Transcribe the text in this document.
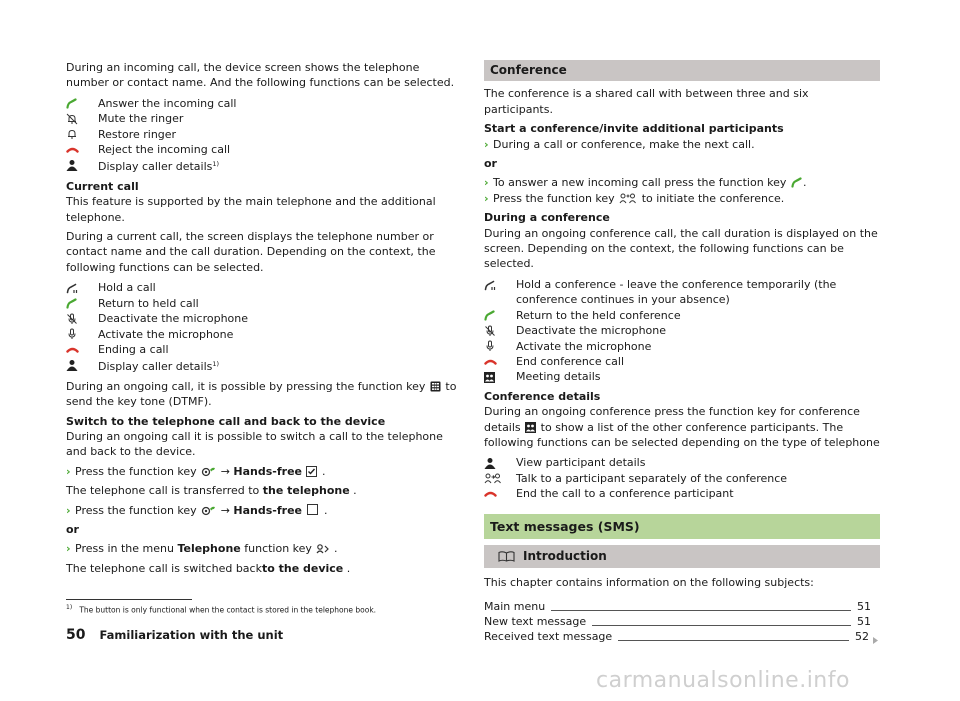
During an incoming call, the device screen shows the telephone number or contact name. And the following functions can be selected.

Answer the incoming call
Mute the ringer
Restore ringer
Reject the incoming call
Display caller details$^{1)}$

Current call

This feature is supported by the main telephone and the additional telephone.

During a current call, the screen displays the telephone number or contact name and the call duration. Depending on the context, the following functions can be selected.

Hold a call
Return to held call
Deactivate the microphone
Activate the microphone
Ending a call
Display caller details$^{1)}$

During an ongoing call, it is possible by pressing the function key to send the key tone (DTMF).

Switch to the telephone call and back to the device

During an ongoing call it is possible to switch a call to the telephone and back to the device.

› Press the function key → Hands-free .

The telephone call is transferred to the telephone .

› Press the function key → Hands-free .

or

› Press in the menu Telephone function key .

The telephone call is switched backto the device .

Conference

The conference is a shared call with between three and six participants.

Start a conference/invite additional participants

› During a call or conference, make the next call.

or

› To answer a new incoming call press the function key .
› Press the function key to initiate the conference.

During a conference

During an ongoing conference call, the call duration is displayed on the screen. Depending on the context, the following functions can be selected.

Hold a conference - leave the conference temporarily (the conference continues in your absence)
Return to the held conference
Deactivate the microphone
Activate the microphone
End conference call
Meeting details

Conference details

During an ongoing conference press the function key for conference details to show a list of the other conference participants. The following functions can be selected depending on the type of telephone

View participant details
Talk to a participant separately of the conference
End the call to a conference participant
Text messages (SMS)
Introduction

This chapter contains information on the following subjects:

Main menu	51
New text message	51
Received text message	52
$^{1)}$ The button is only functional when the contact is stored in the telephone book.
50 Familiarization with the unit
carmanualsonline.info
